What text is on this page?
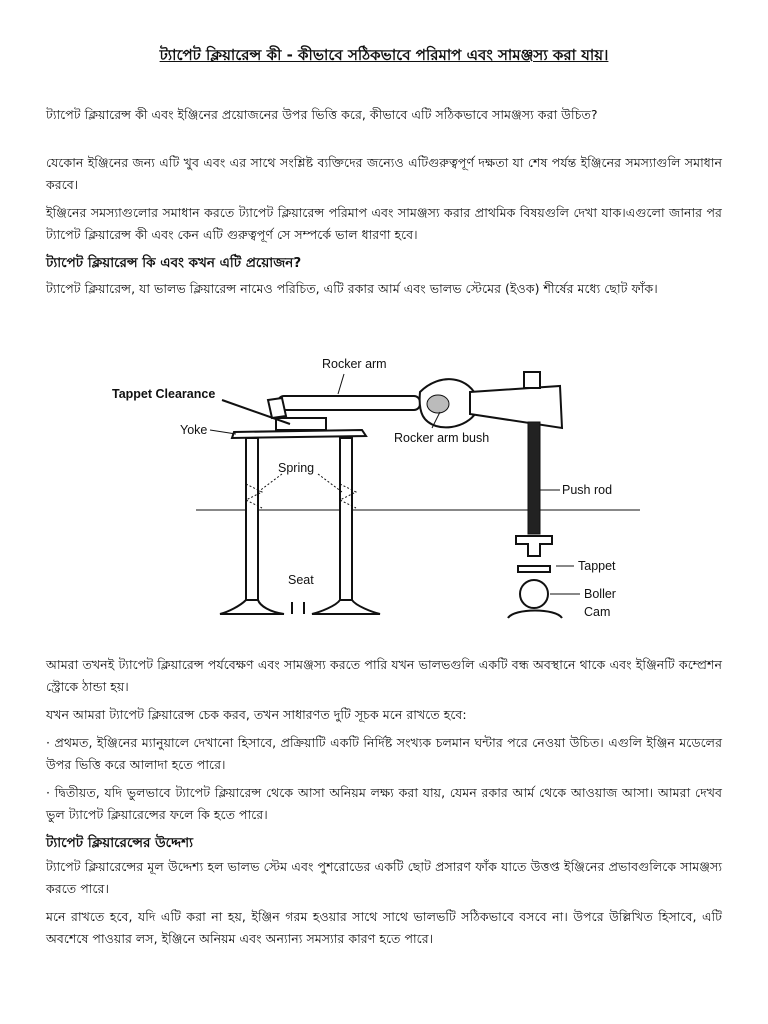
ট্যাপেট ক্লিয়ারেন্স কী - কীভাবে সঠিকভাবে পরিমাপ এবং সামঞ্জস্য করা যায়।

ট্যাপেট ক্লিয়ারেন্স কী এবং ইঞ্জিনের প্রয়োজনের উপর ভিত্তি করে, কীভাবে এটি সঠিকভাবে সামঞ্জস্য করা উচিত?

যেকোন ইঞ্জিনের জন্য এটি খুব এবং এর সাথে সংশ্লিষ্ট ব্যক্তিদের জন্যেও এটিগুরুত্বপূর্ণ দক্ষতা যা শেষ পর্যন্ত ইঞ্জিনের সমস্যাগুলি সমাধান করবে।

ইঞ্জিনের সমস্যাগুলোর সমাধান করতে ট্যাপেট ক্লিয়ারেন্স পরিমাপ এবং সামঞ্জস্য করার প্রাথমিক বিষয়গুলি দেখা যাক।এগুলো জানার পর ট্যাপেট ক্লিয়ারেন্স কী এবং কেন এটি গুরুত্বপূর্ণ সে সম্পর্কে ভাল ধারণা হবে।

ট্যাপেট ক্লিয়ারেন্স কি এবং কখন এটি প্রয়োজন?

ট্যাপেট ক্লিয়ারেন্স, যা ভালভ ক্লিয়ারেন্স নামেও পরিচিত, এটি রকার আর্ম এবং ভালভ স্টেমের (ইওক) শীর্ষের মধ্যে ছোট ফাঁক।

Rocker arm
Tappet Clearance
Yoke
Rocker arm bush
Spring
Push rod
Seat
Tappet
Boller
Cam

আমরা তখনই ট্যাপেট ক্লিয়ারেন্স পর্যবেক্ষণ এবং সামঞ্জস্য করতে পারি যখন ভালভগুলি একটি বন্ধ অবস্থানে থাকে এবং ইঞ্জিনটি কম্প্রেশন স্ট্রোকে ঠান্ডা হয়।

যখন আমরা ট্যাপেট ক্লিয়ারেন্স চেক করব, তখন সাধারণত দুটি সূচক মনে রাখতে হবে:

· প্রথমত, ইঞ্জিনের ম্যানুয়ালে দেখানো হিসাবে, প্রক্রিয়াটি একটি নির্দিষ্ট সংখ্যক চলমান ঘন্টার পরে নেওয়া উচিত। এগুলি ইঞ্জিন মডেলের উপর ভিত্তি করে আলাদা হতে পারে।

· দ্বিতীয়ত, যদি ভুলভাবে ট্যাপেট ক্লিয়ারেন্স থেকে আসা অনিয়ম লক্ষ্য করা যায়, যেমন রকার আর্ম থেকে আওয়াজ আসা। আমরা দেখব ভুল ট্যাপেট ক্লিয়ারেন্সের ফলে কি হতে পারে।

ট্যাপেট ক্লিয়ারেন্সের উদ্দেশ্য

ট্যাপেট ক্লিয়ারেন্সের মূল উদ্দেশ্য হল ভালভ স্টেম এবং পুশরোডের একটি ছোট প্রসারণ ফাঁক যাতে উত্তপ্ত ইঞ্জিনের প্রভাবগুলিকে সামঞ্জস্য করতে পারে।

মনে রাখতে হবে, যদি এটি করা না হয়, ইঞ্জিন গরম হওয়ার সাথে সাথে ভালভটি সঠিকভাবে বসবে না। উপরে উল্লিখিত হিসাবে, এটি অবশেষে পাওয়ার লস, ইঞ্জিনে অনিয়ম এবং অন্যান্য সমস্যার কারণ হতে পারে।
